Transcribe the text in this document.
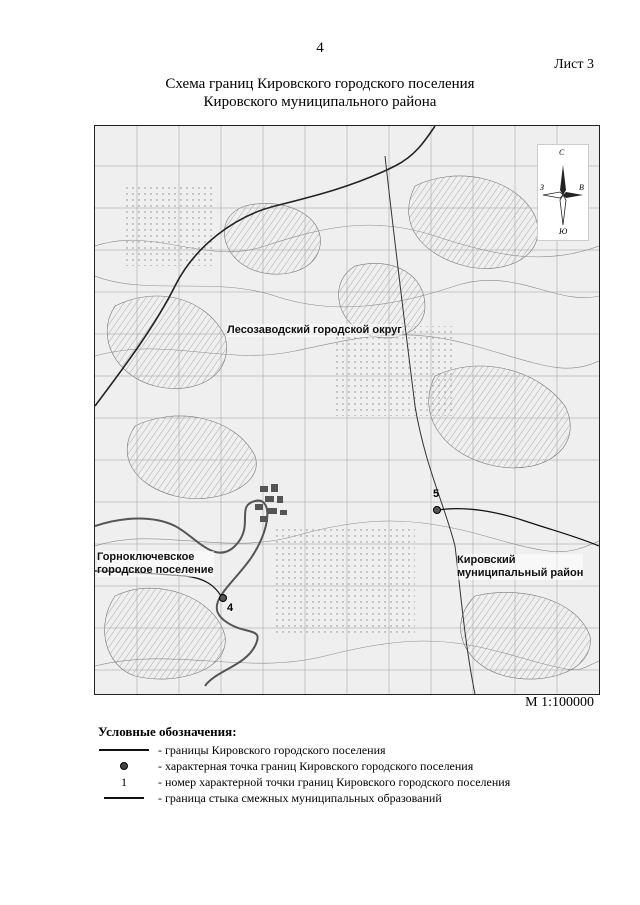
4
Лист 3
Схема границ Кировского городского поселения
Кировского муниципального района
Лесозаводский городской округ
Горноключевское
городское поселение
Кировский
муниципальный район
4
5
С
Ю
З	В
М 1:100000
Условные обозначения:
- границы Кировского городского поселения
- характерная точка границ Кировского городского поселения
1	- номер характерной точки границ Кировского городского поселения
- граница стыка смежных муниципальных образований
